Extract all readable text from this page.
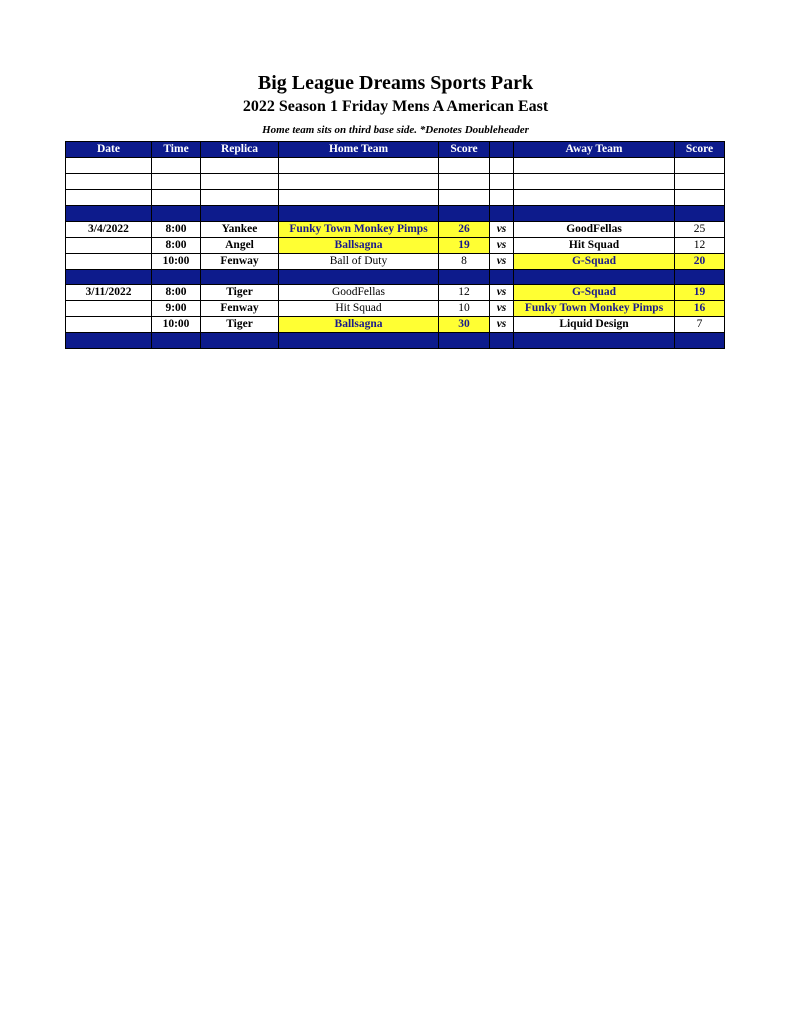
Big League Dreams Sports Park
2022 Season 1 Friday Mens A American East
Home team sits on third base side. *Denotes Doubleheader
Date	Time	Replica	Home Team	Score		Away Team	Score

3/4/2022	8:00	Yankee	Funky Town Monkey Pimps	26	vs	GoodFellas	25
	8:00	Angel	Ballsagna	19	vs	Hit Squad	12
	10:00	Fenway	Ball of Duty	8	vs	G-Squad	20

3/11/2022	8:00	Tiger	GoodFellas	12	vs	G-Squad	19
	9:00	Fenway	Hit Squad	10	vs	Funky Town Monkey Pimps	16
	10:00	Tiger	Ballsagna	30	vs	Liquid Design	7
